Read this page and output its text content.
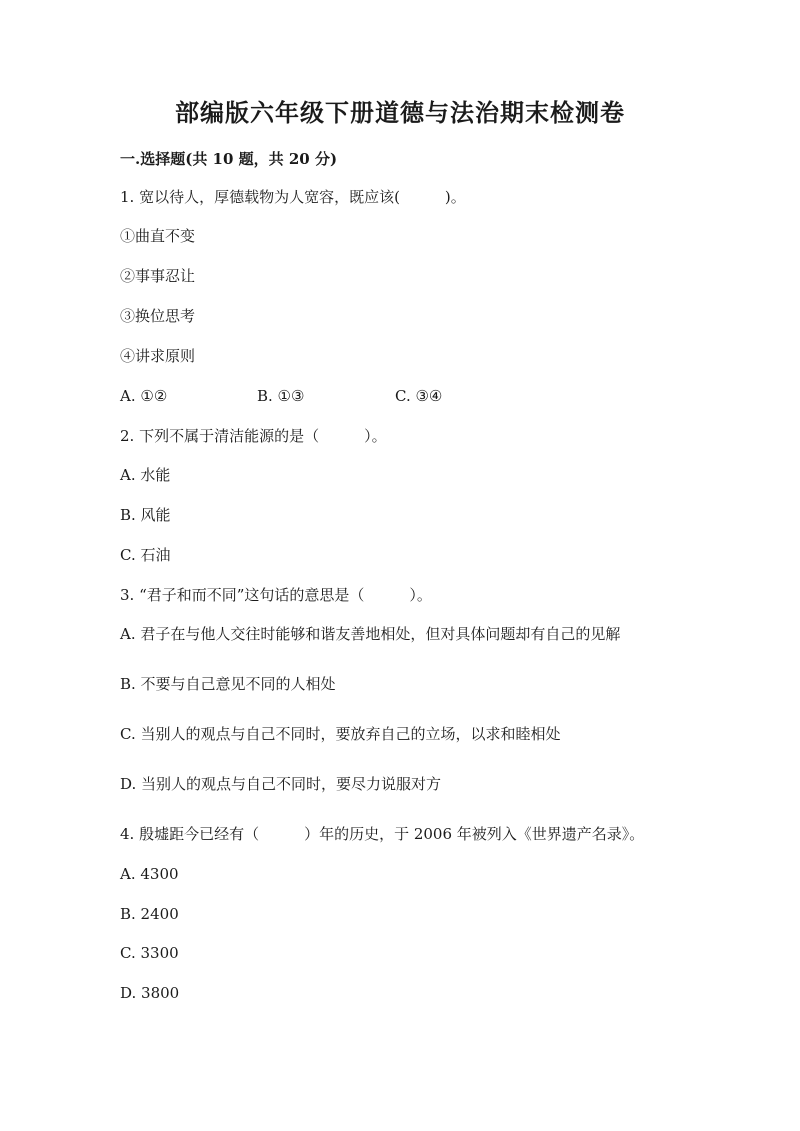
部编版六年级下册道德与法治期末检测卷
一.选择题(共 10 题，共 20 分)
1. 宽以待人，厚德载物为人宽容，既应该(　　　)。
①曲直不变
②事事忍让
③换位思考
④讲求原则
A. ①②	B. ①③	C. ③④
2. 下列不属于清洁能源的是（　　　）。
A. 水能
B. 风能
C. 石油
3. “君子和而不同”这句话的意思是（　　　）。
A. 君子在与他人交往时能够和谐友善地相处，但对具体问题却有自己的见解
B. 不要与自己意见不同的人相处
C. 当别人的观点与自己不同时，要放弃自己的立场，以求和睦相处
D. 当别人的观点与自己不同时，要尽力说服对方
4. 殷墟距今已经有（　　　）年的历史，于 2006 年被列入《世界遗产名录》。
A. 4300
B. 2400
C. 3300
D. 3800
